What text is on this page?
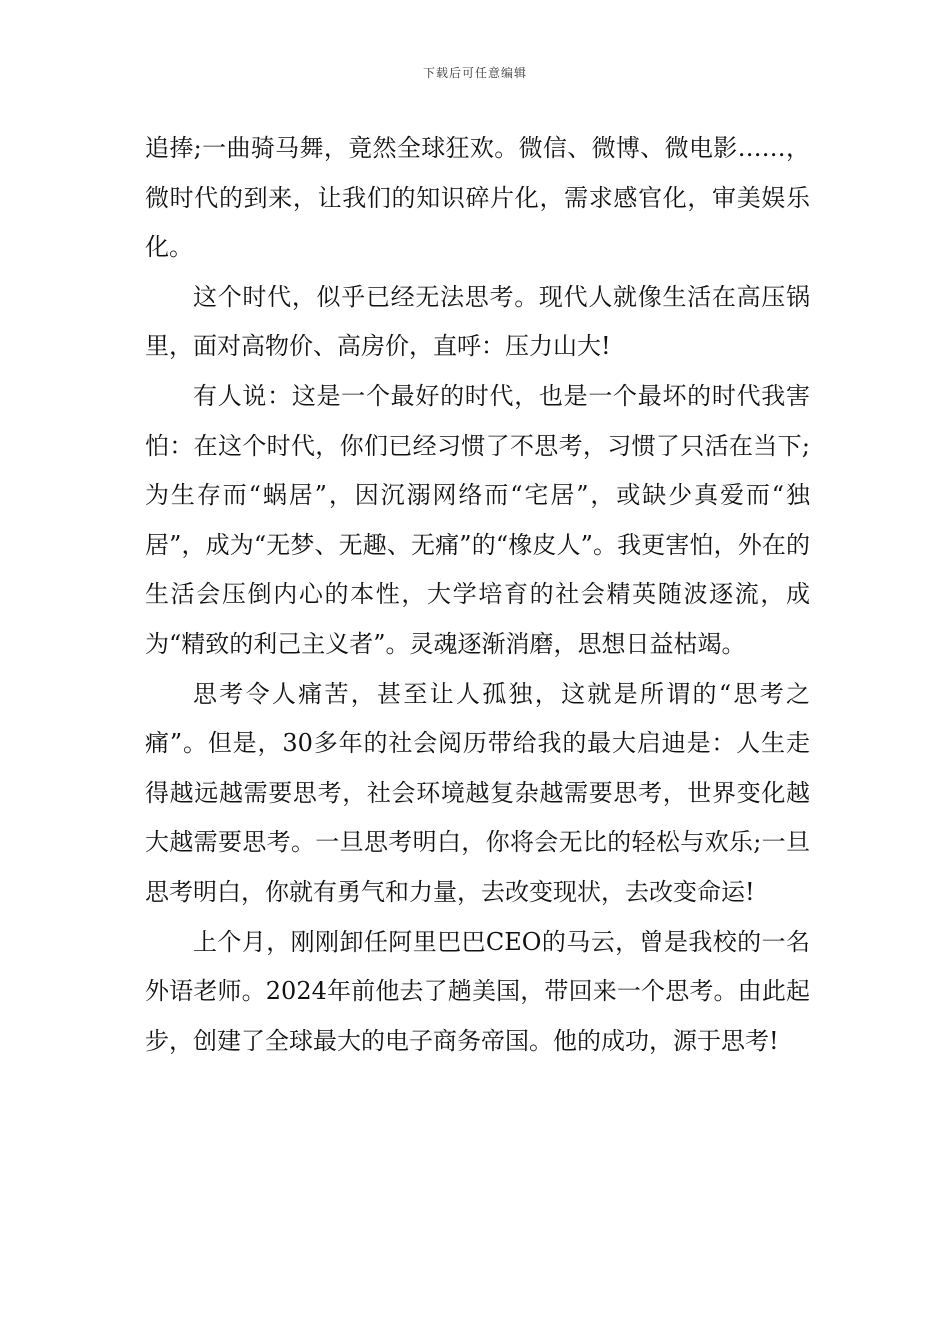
下载后可任意编辑

追捧;一曲骑马舞，竟然全球狂欢。微信、微博、微电影……，微时代的到来，让我们的知识碎片化，需求感官化，审美娱乐化。

这个时代，似乎已经无法思考。现代人就像生活在高压锅里，面对高物价、高房价，直呼：压力山大!

有人说：这是一个最好的时代，也是一个最坏的时代我害怕：在这个时代，你们已经习惯了不思考，习惯了只活在当下;为生存而“蜗居”，因沉溺网络而“宅居”，或缺少真爱而“独居”，成为“无梦、无趣、无痛”的“橡皮人”。我更害怕，外在的生活会压倒内心的本性，大学培育的社会精英随波逐流，成为“精致的利己主义者”。灵魂逐渐消磨，思想日益枯竭。

思考令人痛苦，甚至让人孤独，这就是所谓的“思考之痛”。但是，30多年的社会阅历带给我的最大启迪是：人生走得越远越需要思考，社会环境越复杂越需要思考，世界变化越大越需要思考。一旦思考明白，你将会无比的轻松与欢乐;一旦思考明白，你就有勇气和力量，去改变现状，去改变命运!

上个月，刚刚卸任阿里巴巴CEO的马云，曾是我校的一名外语老师。2024年前他去了趟美国，带回来一个思考。由此起步，创建了全球最大的电子商务帝国。他的成功，源于思考!
